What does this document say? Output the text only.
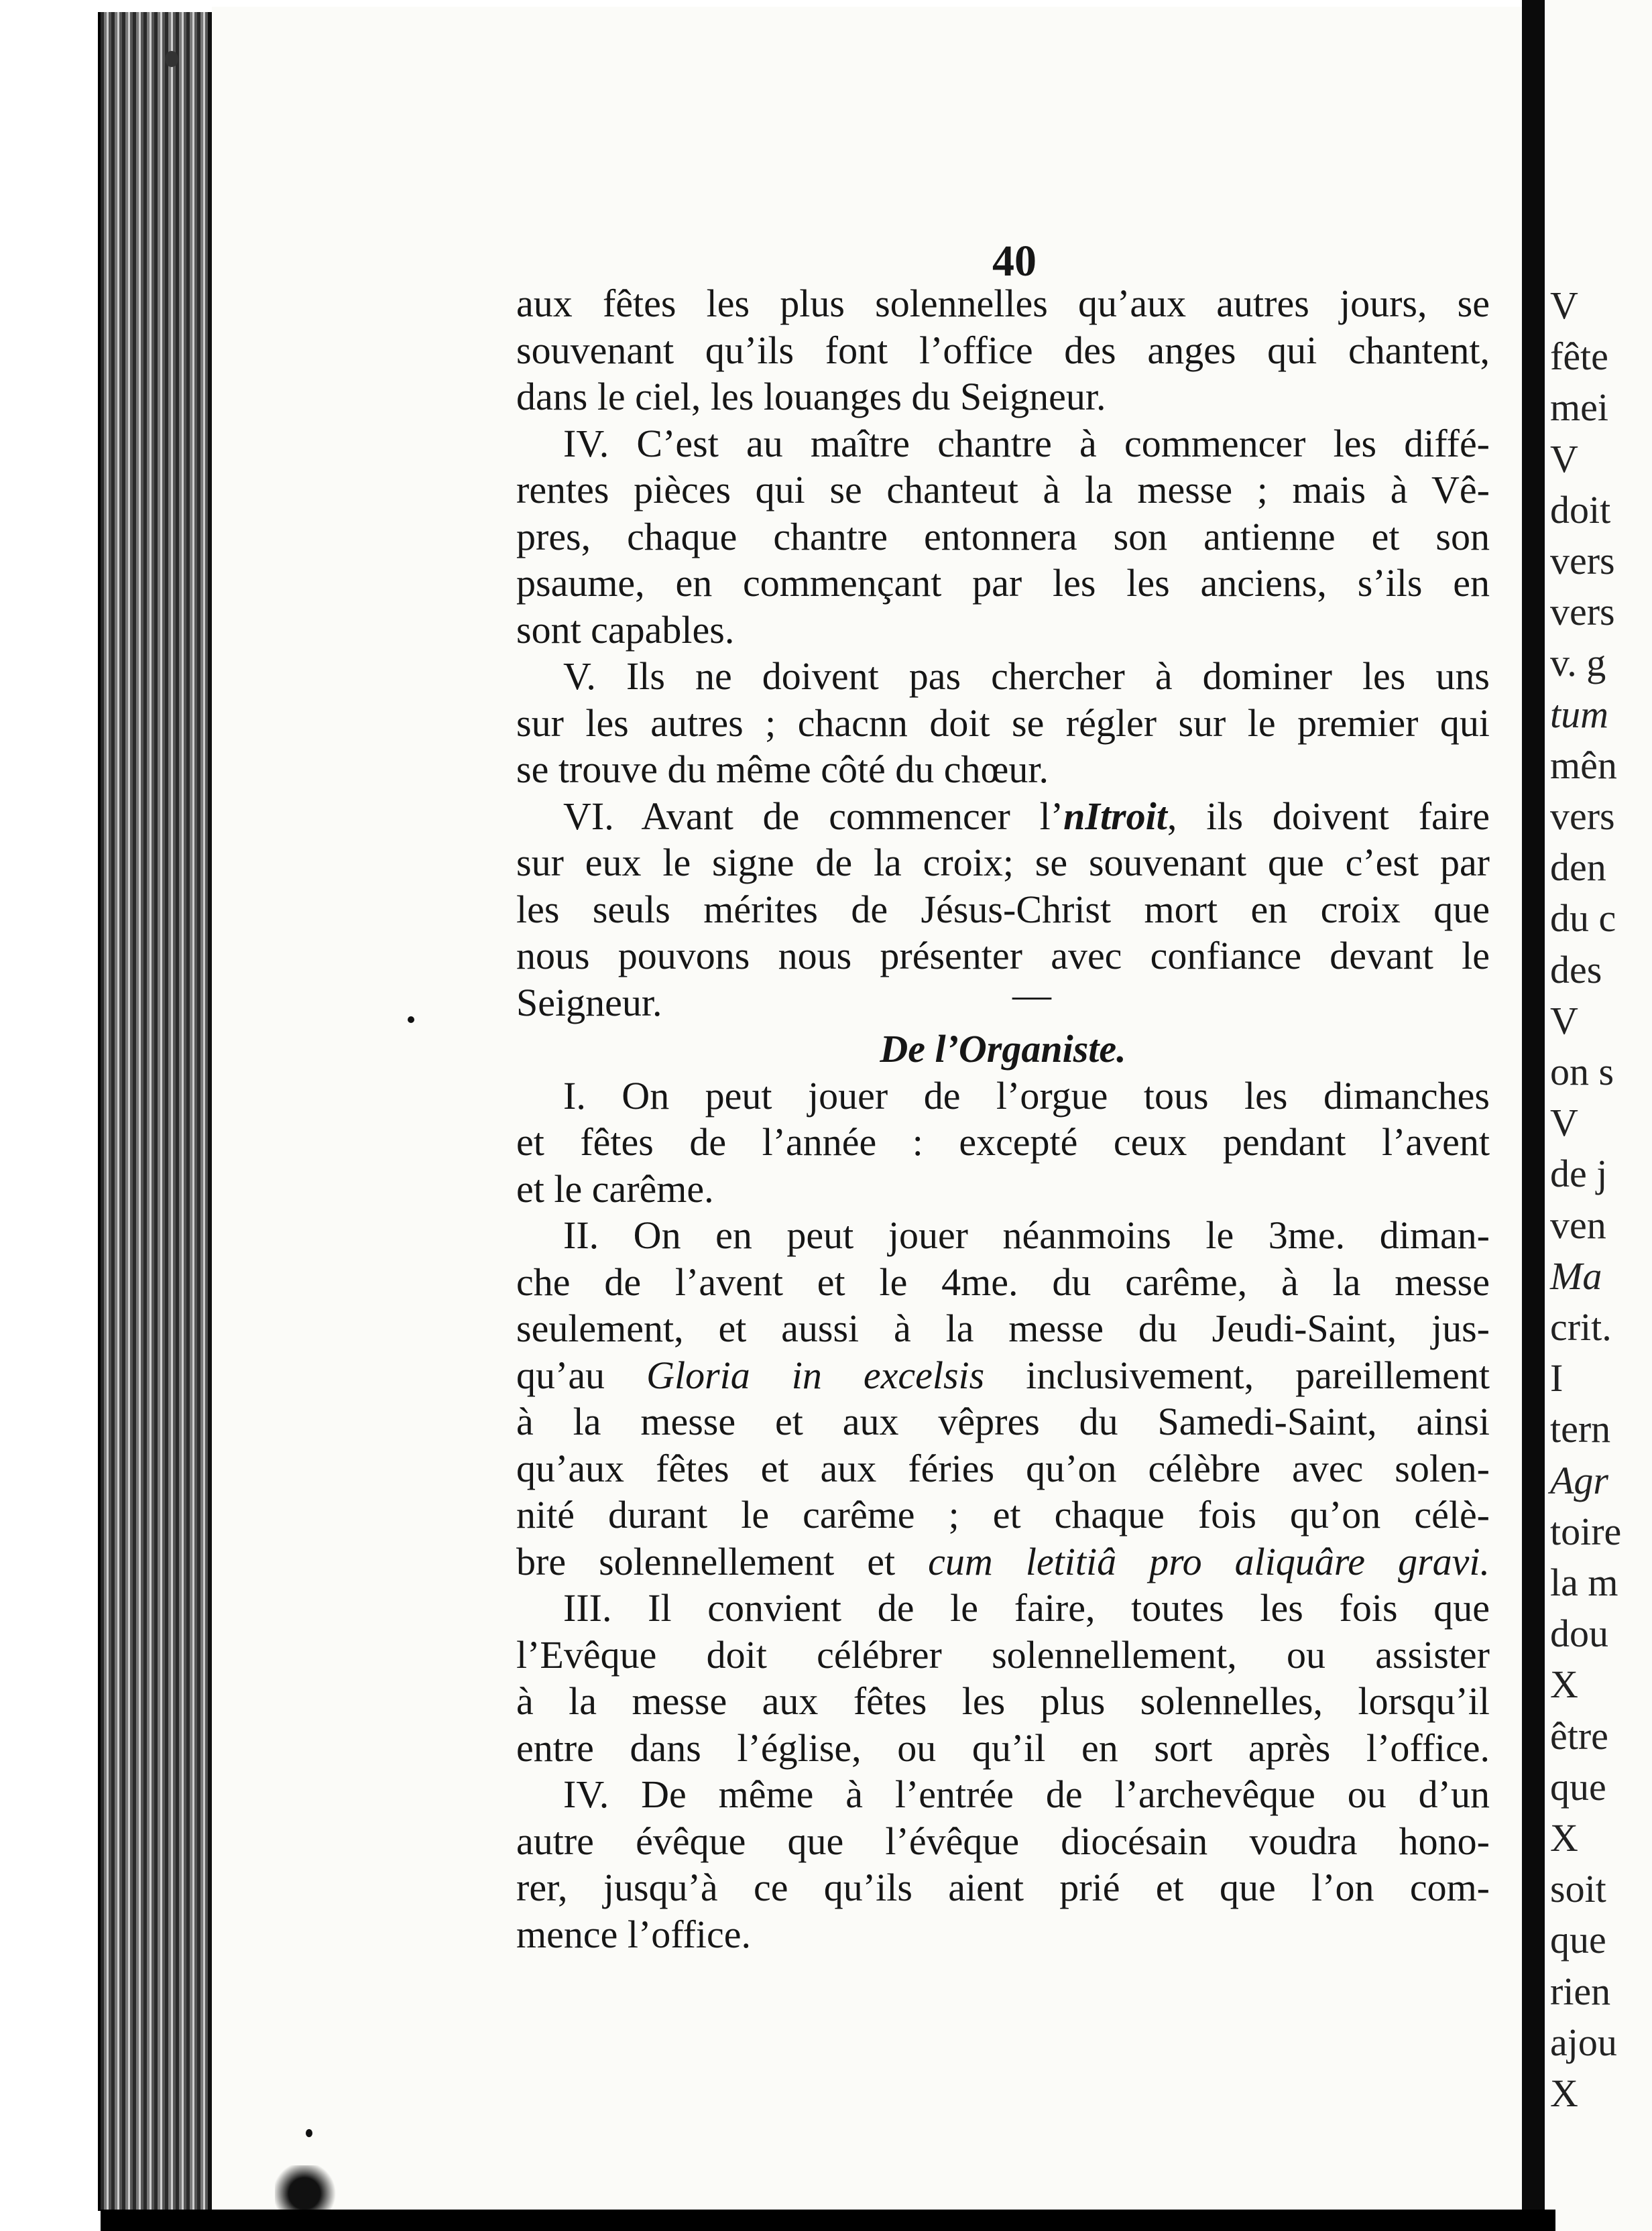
V
fête
mei
V
doit
vers
vers
v. g
tum
mên
vers
den
du c
des
V
on s
V
de j
ven
Ma
crit.
I
tern
Agr
toire
la m
dou
X
être
que
X
soit
que
rien
ajou
X
40
aux fêtes les plus solennelles qu’aux autres jours, se
souvenant qu’ils font l’office des anges qui chantent,
dans le ciel, les louanges du Seigneur.
IV. C’est au maître chantre à commencer les diffé-
rentes pièces qui se chanteut à la messe ; mais à Vê-
pres, chaque chantre entonnera son antienne et son
psaume, en commençant par les les anciens, s’ils en
sont capables.
V. Ils ne doivent pas chercher à dominer les uns
sur les autres ; chacnn doit se régler sur le premier qui
se trouve du même côté du chœur.
VI. Avant de commencer l’nItroit, ils doivent faire
sur eux le signe de la croix; se souvenant que c’est par
les seuls mérites de Jésus-Christ mort en croix que
nous pouvons nous présenter avec confiance devant le
Seigneur.	—
De l’Organiste.
I. On peut jouer de l’orgue tous les dimanches
et fêtes de l’année : excepté ceux pendant l’avent
et le carême.
II. On en peut jouer néanmoins le 3me. diman-
che de l’avent et le 4me. du carême, à la messe
seulement, et aussi à la messe du Jeudi-Saint, jus-
qu’au Gloria in excelsis inclusivement, pareillement
à la messe et aux vêpres du Samedi-Saint, ainsi
qu’aux fêtes et aux féries qu’on célèbre avec solen-
nité durant le carême ; et chaque fois qu’on célè-
bre solennellement et cum letitiâ pro aliquâre gravi.
III. Il convient de le faire, toutes les fois que
l’Evêque doit célébrer solennellement, ou assister
à la messe aux fêtes les plus solennelles, lorsqu’il
entre dans l’église, ou qu’il en sort après l’office.
IV. De même à l’entrée de l’archevêque ou d’un
autre évêque que l’évêque diocésain voudra hono-
rer, jusqu’à ce qu’ils aient prié et que l’on com-
mence l’office.
